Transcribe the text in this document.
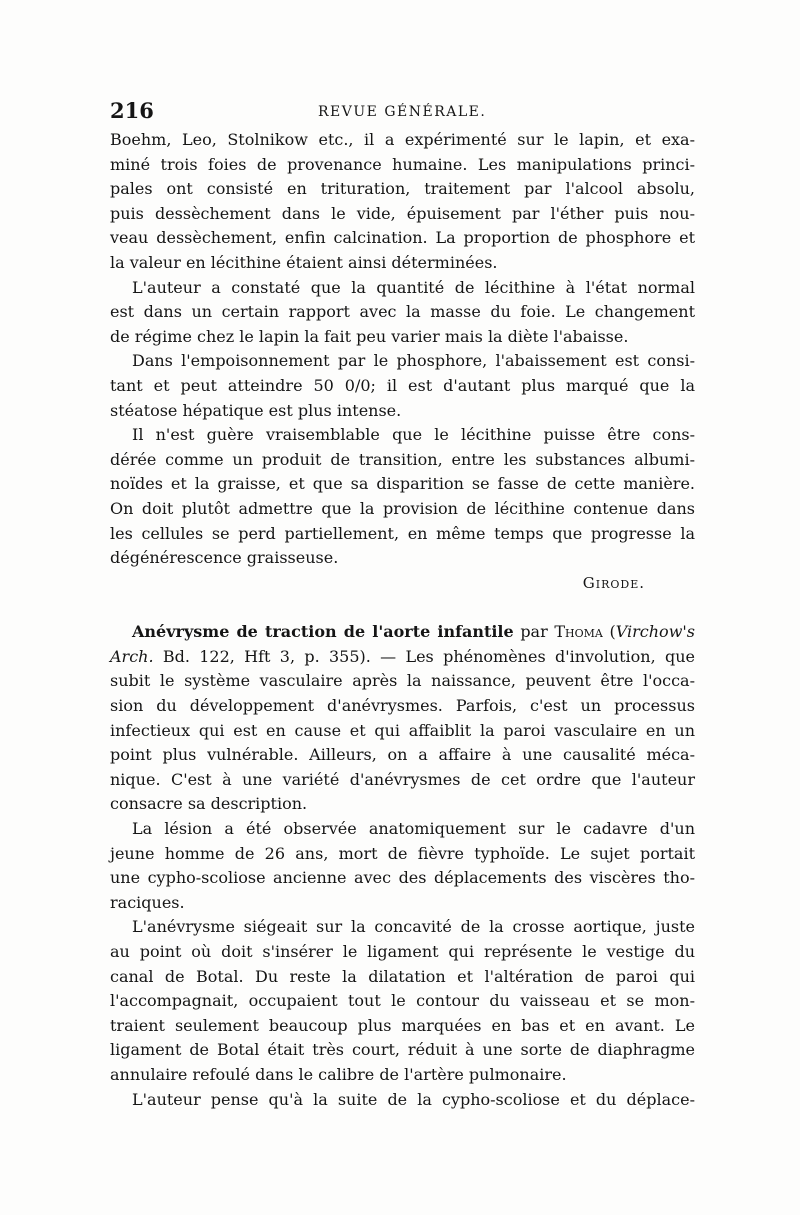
216	REVUE GÉNÉRALE.
Boehm, Leo, Stolnikow etc., il a expérimenté sur le lapin, et exa-
miné trois foies de provenance humaine. Les manipulations princi-
pales ont consisté en trituration, traitement par l'alcool absolu,
puis dessèchement dans le vide, épuisement par l'éther puis nou-
veau dessèchement, enfin calcination. La proportion de phosphore et
la valeur en lécithine étaient ainsi déterminées.
L'auteur a constaté que la quantité de lécithine à l'état normal
est dans un certain rapport avec la masse du foie. Le changement
de régime chez le lapin la fait peu varier mais la diète l'abaisse.
Dans l'empoisonnement par le phosphore, l'abaissement est consi-
tant et peut atteindre 50 0/0; il est d'autant plus marqué que la
stéatose hépatique est plus intense.
Il n'est guère vraisemblable que le lécithine puisse être cons-
dérée comme un produit de transition, entre les substances albumi-
noïdes et la graisse, et que sa disparition se fasse de cette manière.
On doit plutôt admettre que la provision de lécithine contenue dans
les cellules se perd partiellement, en même temps que progresse la
dégénérescence graisseuse.
Girode.
Anévrysme de traction de l'aorte infantile par Thoma (Virchow's
Arch. Bd. 122, Hft 3, p. 355). — Les phénomènes d'involution, que
subit le système vasculaire après la naissance, peuvent être l'occa-
sion du développement d'anévrysmes. Parfois, c'est un processus
infectieux qui est en cause et qui affaiblit la paroi vasculaire en un
point plus vulnérable. Ailleurs, on a affaire à une causalité méca-
nique. C'est à une variété d'anévrysmes de cet ordre que l'auteur
consacre sa description.
La lésion a été observée anatomiquement sur le cadavre d'un
jeune homme de 26 ans, mort de fièvre typhoïde. Le sujet portait
une cypho-scoliose ancienne avec des déplacements des viscères tho-
raciques.
L'anévrysme siégeait sur la concavité de la crosse aortique, juste
au point où doit s'insérer le ligament qui représente le vestige du
canal de Botal. Du reste la dilatation et l'altération de paroi qui
l'accompagnait, occupaient tout le contour du vaisseau et se mon-
traient seulement beaucoup plus marquées en bas et en avant. Le
ligament de Botal était très court, réduit à une sorte de diaphragme
annulaire refoulé dans le calibre de l'artère pulmonaire.
L'auteur pense qu'à la suite de la cypho-scoliose et du déplace-
